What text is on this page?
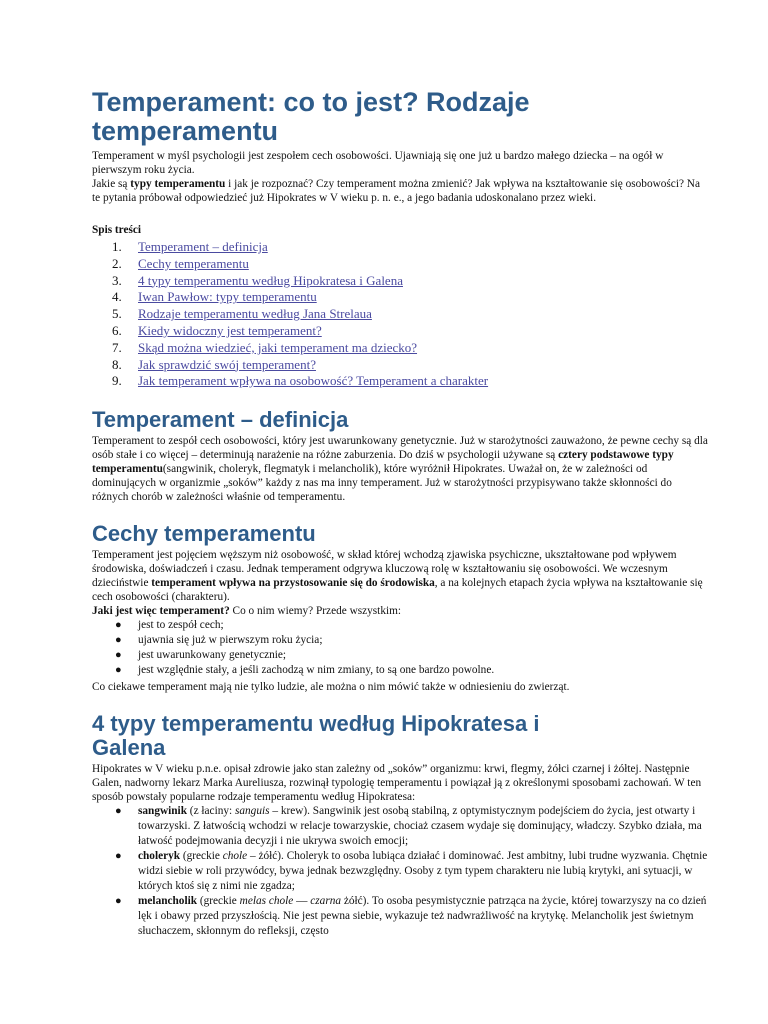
Temperament: co to jest? Rodzaje temperamentu

Temperament w myśl psychologii jest zespołem cech osobowości. Ujawniają się one już u bardzo małego dziecka – na ogół w pierwszym roku życia.

Jakie są typy temperamentu i jak je rozpoznać? Czy temperament można zmienić? Jak wpływa na kształtowanie się osobowości? Na te pytania próbował odpowiedzieć już Hipokrates w V wieku p. n. e., a jego badania udoskonalano przez wieki.

Spis treści
1. Temperament – definicja
2. Cechy temperamentu
3. 4 typy temperamentu według Hipokratesa i Galena
4. Iwan Pawłow: typy temperamentu
5. Rodzaje temperamentu według Jana Strelaua
6. Kiedy widoczny jest temperament?
7. Skąd można wiedzieć, jaki temperament ma dziecko?
8. Jak sprawdzić swój temperament?
9. Jak temperament wpływa na osobowość? Temperament a charakter
Temperament – definicja

Temperament to zespół cech osobowości, który jest uwarunkowany genetycznie. Już w starożytności zauważono, że pewne cechy są dla osób stałe i co więcej – determinują narażenie na różne zaburzenia. Do dziś w psychologii używane są cztery podstawowe typy temperamentu(sangwinik, choleryk, flegmatyk i melancholik), które wyróżnił Hipokrates. Uważał on, że w zależności od dominujących w organizmie „soków” każdy z nas ma inny temperament. Już w starożytności przypisywano także skłonności do różnych chorób w zależności właśnie od temperamentu.

Cechy temperamentu

Temperament jest pojęciem węższym niż osobowość, w skład której wchodzą zjawiska psychiczne, ukształtowane pod wpływem środowiska, doświadczeń i czasu. Jednak temperament odgrywa kluczową rolę w kształtowaniu się osobowości. We wczesnym dzieciństwie temperament wpływa na przystosowanie się do środowiska, a na kolejnych etapach życia wpływa na kształtowanie się cech osobowości (charakteru).

Jaki jest więc temperament? Co o nim wiemy? Przede wszystkim:

● jest to zespół cech;
● ujawnia się już w pierwszym roku życia;
● jest uwarunkowany genetycznie;
● jest względnie stały, a jeśli zachodzą w nim zmiany, to są one bardzo powolne.

Co ciekawe temperament mają nie tylko ludzie, ale można o nim mówić także w odniesieniu do zwierząt.

4 typy temperamentu według Hipokratesa i Galena

Hipokrates w V wieku p.n.e. opisał zdrowie jako stan zależny od „soków” organizmu: krwi, flegmy, żółci czarnej i żółtej. Następnie Galen, nadworny lekarz Marka Aureliusza, rozwinął typologię temperamentu i powiązał ją z określonymi sposobami zachowań. W ten sposób powstały popularne rodzaje temperamentu według Hipokratesa:

● sangwinik (z łaciny: sanguis – krew). Sangwinik jest osobą stabilną, z optymistycznym podejściem do życia, jest otwarty i towarzyski. Z łatwością wchodzi w relacje towarzyskie, chociaż czasem wydaje się dominujący, władczy. Szybko działa, ma łatwość podejmowania decyzji i nie ukrywa swoich emocji;
● choleryk (greckie chole – żółć). Choleryk to osoba lubiąca działać i dominować. Jest ambitny, lubi trudne wyzwania. Chętnie widzi siebie w roli przywódcy, bywa jednak bezwzględny. Osoby z tym typem charakteru nie lubią krytyki, ani sytuacji, w których ktoś się z nimi nie zgadza;
● melancholik (greckie melas chole — czarna żółć). To osoba pesymistycznie patrząca na życie, której towarzyszy na co dzień lęk i obawy przed przyszłością. Nie jest pewna siebie, wykazuje też nadwrażliwość na krytykę. Melancholik jest świetnym słuchaczem, skłonnym do refleksji, często
